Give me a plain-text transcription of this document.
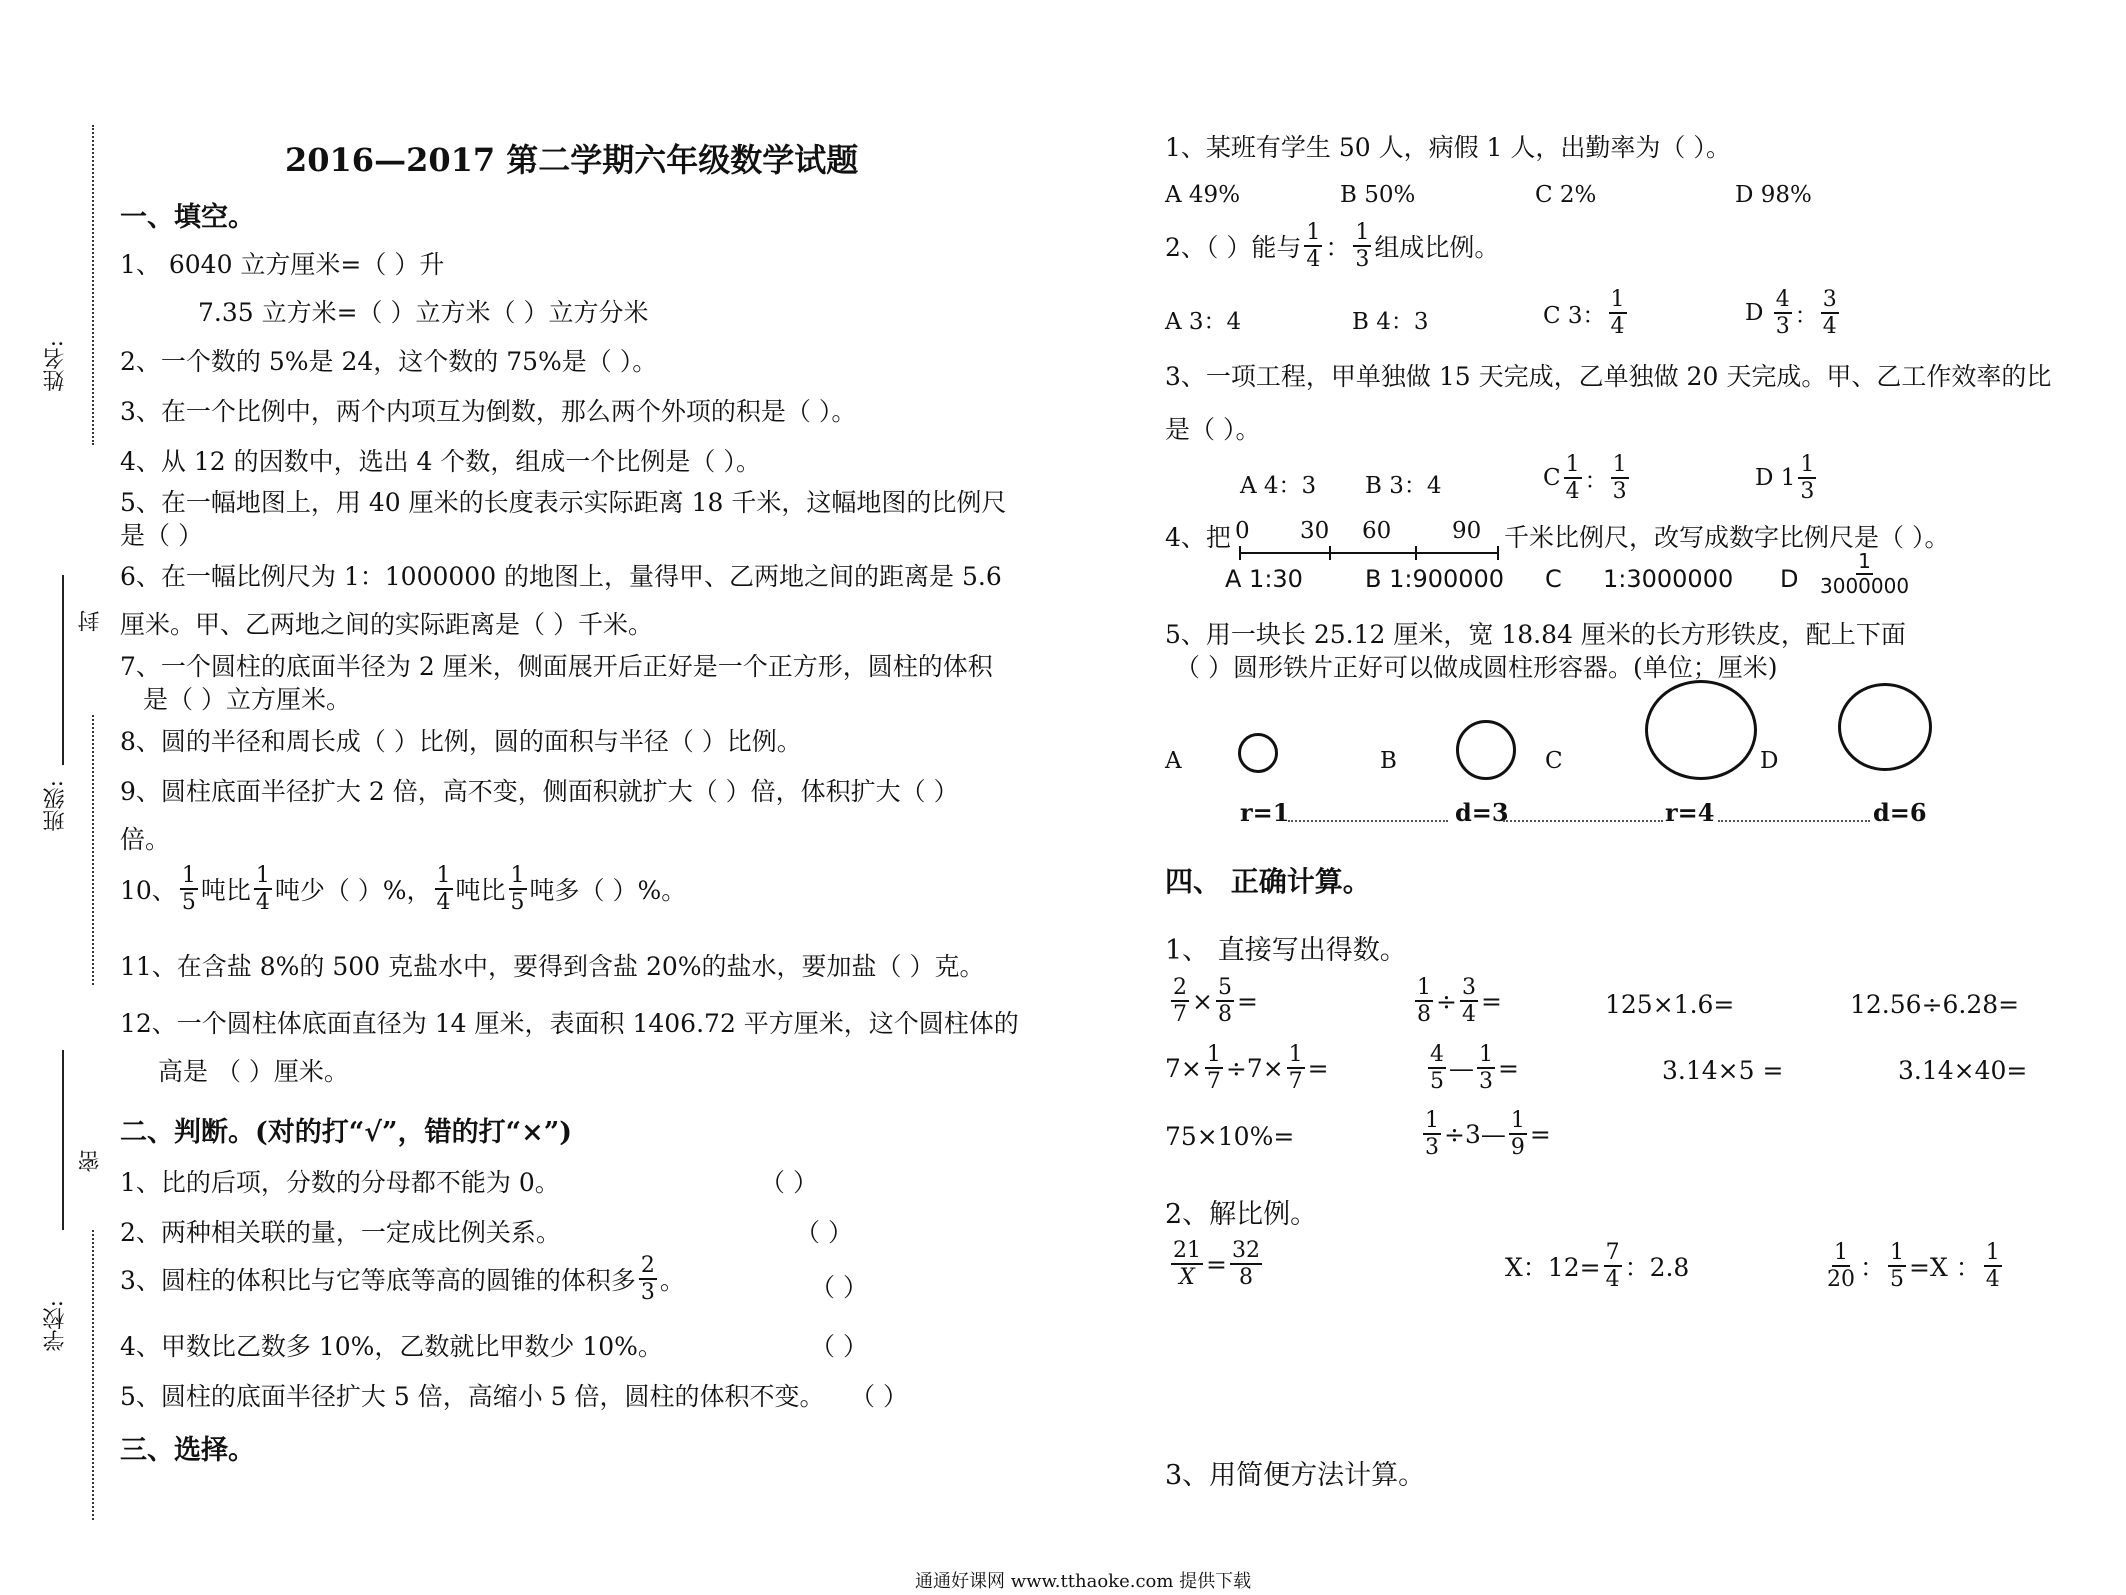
姓名:
封
班级:
密
学校:
2016—2017 第二学期六年级数学试题
一、填空。
1、 6040 立方厘米=（ ）升
7.35 立方米=（ ）立方米（ ）立方分米
2、一个数的 5%是 24，这个数的 75%是（ ）。
3、在一个比例中，两个内项互为倒数，那么两个外项的积是（ ）。
4、从 12 的因数中，选出 4 个数，组成一个比例是（ ）。
5、在一幅地图上，用 40 厘米的长度表示实际距离 18 千米，这幅地图的比例尺
是（ ）
6、在一幅比例尺为 1：1000000 的地图上，量得甲、乙两地之间的距离是 5.6
厘米。甲、乙两地之间的实际距离是（ ）千米。
7、一个圆柱的底面半径为 2 厘米，侧面展开后正好是一个正方形，圆柱的体积
是（ ）立方厘米。
8、圆的半径和周长成（ ）比例，圆的面积与半径（ ）比例。
9、圆柱底面半径扩大 2 倍，高不变，侧面积就扩大（ ）倍，体积扩大（ ）
倍。
10、 $\frac{1}{5}$ 吨比 $\frac{1}{4}$ 吨少（ ）%， $\frac{1}{4}$ 吨比 $\frac{1}{5}$ 吨多（ ）%。
11、在含盐 8%的 500 克盐水中，要得到含盐 20%的盐水，要加盐（ ）克。
12、一个圆柱体底面直径为 14 厘米，表面积 1406.72 平方厘米，这个圆柱体的
高是 （ ）厘米。
二、判断。(对的打“√”，错的打“×”)
1、比的后项，分数的分母都不能为 0。	（ ）
2、两种相关联的量，一定成比例关系。	（ ）
3、圆柱的体积比与它等底等高的圆锥的体积多 $\frac{2}{3}$ 。	（ ）
4、甲数比乙数多 10%，乙数就比甲数少 10%。	（ ）
5、圆柱的底面半径扩大 5 倍，高缩小 5 倍，圆柱的体积不变。 （ ）
三、选择。
1、某班有学生 50 人，病假 1 人，出勤率为（ ）。
A 49%	B 50%	C 2%	D 98%
2、（ ）能与 $\frac{1}{4}$ ： $\frac{1}{3}$ 组成比例。
A 3：4	B 4：3	C 3： $\frac{1}{4}$	D
$\frac{4}{3}$ ： $\frac{3}{4}$
3、一项工程，甲单独做 15 天完成，乙单独做 20 天完成。甲、乙工作效率的比
是（ ）。
A 4：3 B 3：4	C $\frac{1}{4}$ ： $\frac{1}{3}$	D $1 \frac{1}{3}$
4、把 0 30 60	90 千米比例尺，改写成数字比例尺是（ ）。
A 1:30	B 1:900000 C 1:3000000 D $\frac{1}{3000000}$
5、用一块长 25.12 厘米，宽 18.84 厘米的长方形铁皮，配上下面
（ ）圆形铁片正好可以做成圆柱形容器。(单位；厘米)
A	B	C	D
r=1	d=3	r=4	d=6
四、 正确计算。
1、 直接写出得数。
$\frac{2}{7} \times \frac{5}{8}$ =	$\frac{1}{8} \div \frac{3}{4}$ =	125×1.6=	12.56÷6.28=
$7\times \frac{1}{7} \div 7\times \frac{1}{7}$ =	$\frac{4}{5}$ — $\frac{1}{3}$ =	3.14×5 =	3.14×40=
75×10%=	$\frac{1}{3}$ ÷3— $\frac{1}{9}$ =
2、解比例。
$\frac{21}{X} = \frac{32}{8}$	X：$12= \frac{7}{4}$ ：2.8	$\frac{1}{20}$ ： $\frac{1}{5} =X$ ： $\frac{1}{4}$
3、用简便方法计算。
通通好课网 www.tthaoke.com 提供下载
